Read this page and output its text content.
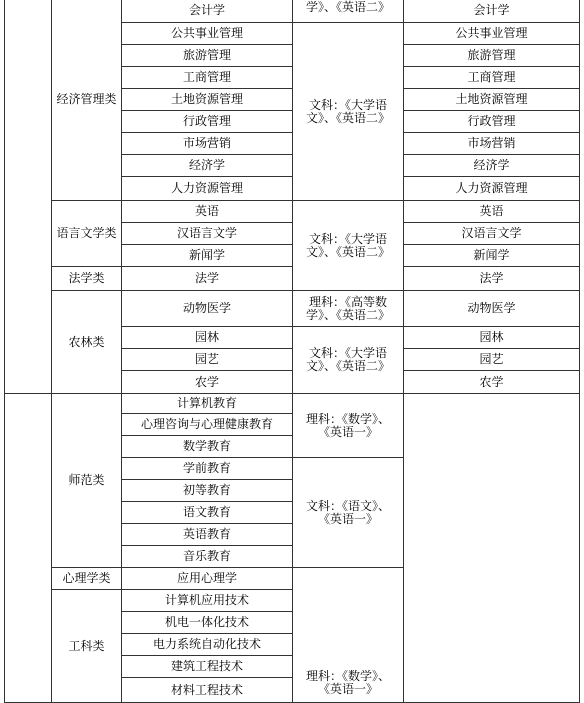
经济管理类
语言文学类
法学类
农林类
师范类
心理学类
工科类
会计学
公共事业管理
旅游管理
工商管理
土地资源管理
行政管理
市场营销
经济学
人力资源管理
英语
汉语言文学
新闻学
法学
动物医学
园林
园艺
农学
计算机教育
心理咨询与心理健康教育
数学教育
学前教育
初等教育
语文教育
英语教育
音乐教育
应用心理学
计算机应用技术
机电一体化技术
电力系统自动化技术
建筑工程技术
材料工程技术
学》、《英语二》
文科：《大学语
文》、《英语二》
文科：《大学语
文》、《英语二》
理科：《高等数
学》、《英语二》
文科：《大学语
文》、《英语二》
理科：《数学》、
《英语一》
文科：《语文》、
《英语一》
理科：《数学》、
《英语一》
会计学
公共事业管理
旅游管理
工商管理
土地资源管理
行政管理
市场营销
经济学
人力资源管理
英语
汉语言文学
新闻学
法学
动物医学
园林
园艺
农学
